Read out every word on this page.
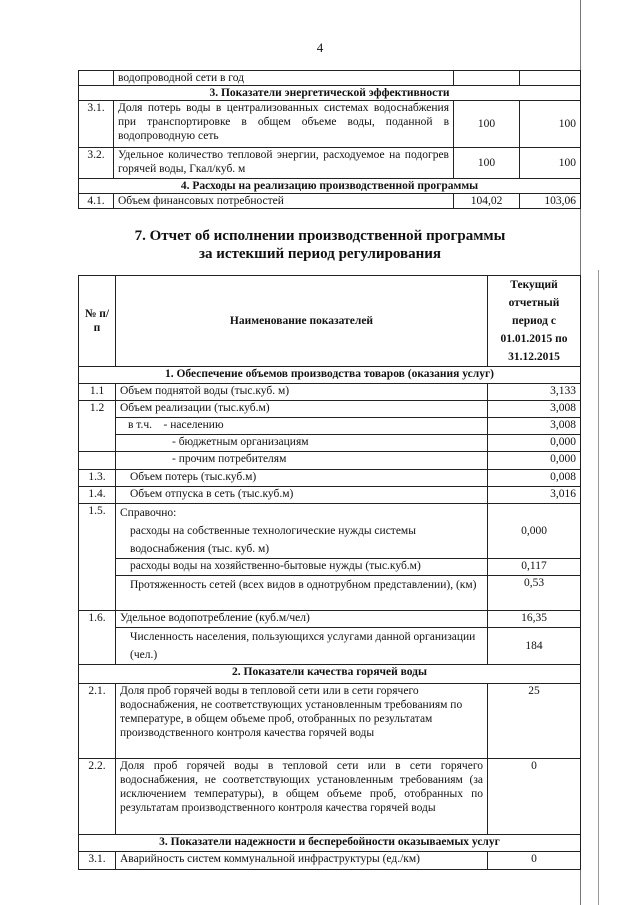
4
	водопроводной сети в год		
3. Показатели энергетической эффективности			
3.1.	Доля потерь воды в централизованных системах водоснабжения при транспортировке в общем объеме воды, поданной в водопроводную сеть	100	100
3.2.	Удельное количество тепловой энергии, расходуемое на подогрев горячей воды, Гкал/куб. м	100	100
4. Расходы на реализацию производственной программы			
4.1.	Объем финансовых потребностей	104,02	103,06
7. Отчет об исполнении производственной программы
за истекший период регулирования
№ п/п	Наименование показателей	Текущий отчетный период с 01.01.2015 по 31.12.2015
1. Обеспечение объемов производства товаров (оказания услуг)		
1.1	Объем поднятой воды (тыс.куб. м)	3,133
1.2	Объем реализации (тыс.куб.м)	3,008
	в т.ч.    - населению	3,008
	- бюджетным организациям	0,000
	- прочим потребителям	0,000
1.3.	Объем потерь (тыс.куб.м)	0,008
1.4.	Объем отпуска в сеть (тыс.куб.м)	3,016
1.5.	Справочно:
расходы на собственные технологические нужды системы водоснабжения (тыс. куб. м)	0,000
	расходы воды на хозяйственно-бытовые нужды (тыс.куб.м)	0,117
	Протяженность сетей (всех видов в однотрубном представлении), (км)	0,53
1.6.	Удельное водопотребление (куб.м/чел)	16,35
	Численность населения, пользующихся услугами данной организации (чел.)	184
2. Показатели качества горячей воды		
2.1.	Доля проб горячей воды в тепловой сети или в сети горячего водоснабжения, не соответствующих установленным требованиям по температуре, в общем объеме проб, отобранных по результатам производственного контроля качества горячей воды	25
2.2.	Доля проб горячей воды в тепловой сети или в сети горячего водоснабжения, не соответствующих установленным требованиям (за исключением температуры), в общем объеме проб, отобранных по результатам производственного контроля качества горячей воды	0
3. Показатели надежности и бесперебойности оказываемых услуг		
3.1.	Аварийность систем коммунальной инфраструктуры (ед./км)	0
